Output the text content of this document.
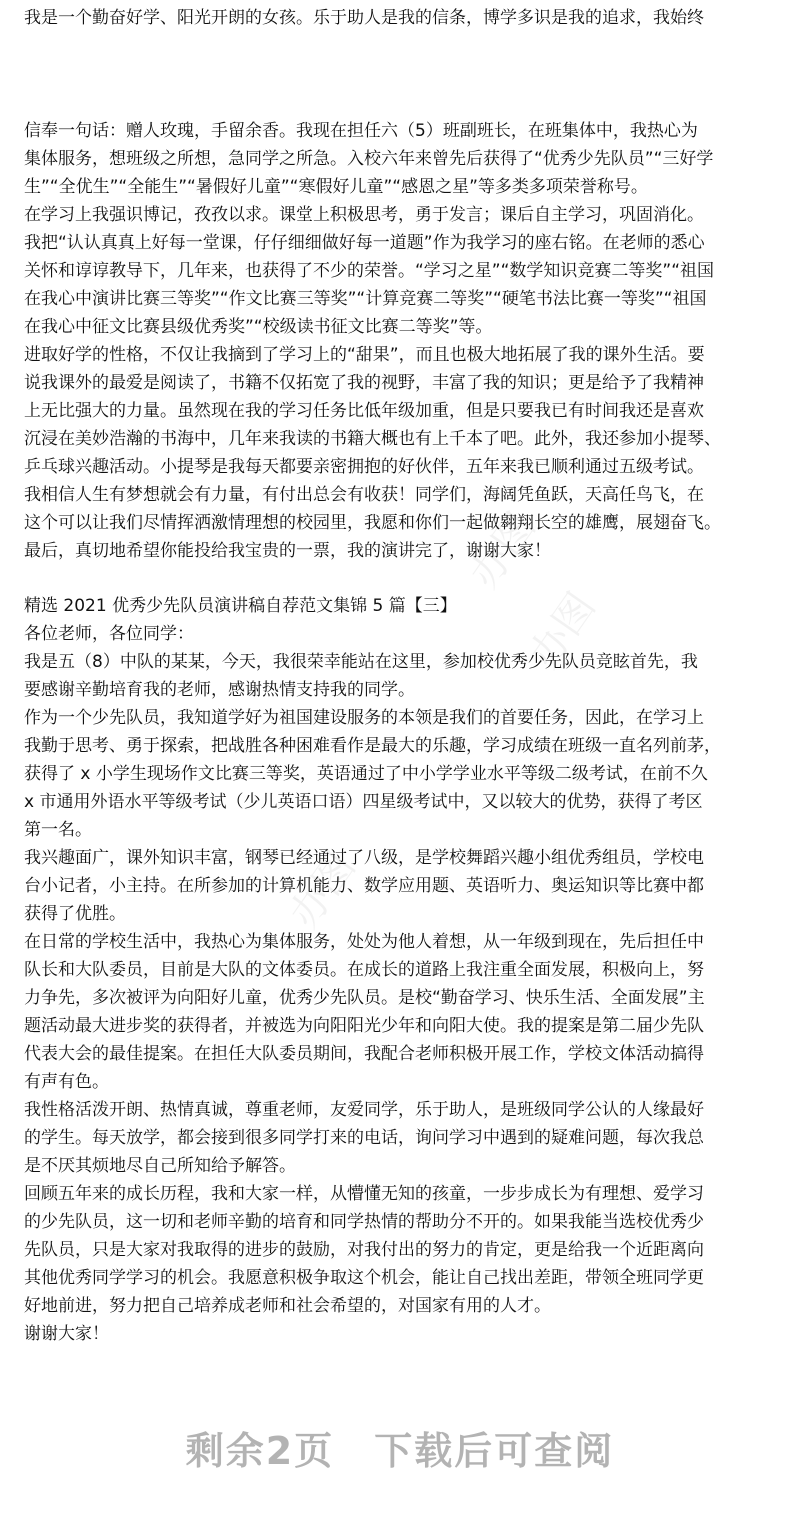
我是一个勤奋好学、阳光开朗的女孩。乐于助人是我的信条，博学多识是我的追求，我始终
信奉一句话：赠人玫瑰，手留余香。我现在担任六（5）班副班长，在班集体中，我热心为
集体服务，想班级之所想，急同学之所急。入校六年来曾先后获得了“优秀少先队员”“三好学
生”“全优生”“全能生”“暑假好儿童”“寒假好儿童”“感恩之星”等多类多项荣誉称号。
在学习上我强识博记，孜孜以求。课堂上积极思考，勇于发言；课后自主学习，巩固消化。
我把“认认真真上好每一堂课，仔仔细细做好每一道题”作为我学习的座右铭。在老师的悉心
关怀和谆谆教导下，几年来，也获得了不少的荣誉。“学习之星”“数学知识竞赛二等奖”“祖国
在我心中演讲比赛三等奖”“作文比赛三等奖”“计算竞赛二等奖”“硬笔书法比赛一等奖”“祖国
在我心中征文比赛县级优秀奖”“校级读书征文比赛二等奖”等。
进取好学的性格，不仅让我摘到了学习上的“甜果”，而且也极大地拓展了我的课外生活。要
说我课外的最爱是阅读了，书籍不仅拓宽了我的视野，丰富了我的知识；更是给予了我精神
上无比强大的力量。虽然现在我的学习任务比低年级加重，但是只要我已有时间我还是喜欢
沉浸在美妙浩瀚的书海中，几年来我读的书籍大概也有上千本了吧。此外，我还参加小提琴、
乒乓球兴趣活动。小提琴是我每天都要亲密拥抱的好伙伴，五年来我已顺利通过五级考试。
我相信人生有梦想就会有力量，有付出总会有收获！同学们，海阔凭鱼跃，天高任鸟飞，在
这个可以让我们尽情挥洒激情理想的校园里，我愿和你们一起做翱翔长空的雄鹰，展翅奋飞。
最后，真切地希望你能投给我宝贵的一票，我的演讲完了，谢谢大家！
精选 2021 优秀少先队员演讲稿自荐范文集锦 5 篇【三】
各位老师，各位同学：
我是五（8）中队的某某，今天，我很荣幸能站在这里，参加校优秀少先队员竞眩首先，我
要感谢辛勤培育我的老师，感谢热情支持我的同学。
作为一个少先队员，我知道学好为祖国建设服务的本领是我们的首要任务，因此，在学习上
我勤于思考、勇于探索，把战胜各种困难看作是最大的乐趣，学习成绩在班级一直名列前茅，
获得了 x 小学生现场作文比赛三等奖，英语通过了中小学学业水平等级二级考试，在前不久
x 市通用外语水平等级考试（少儿英语口语）四星级考试中，又以较大的优势，获得了考区
第一名。
我兴趣面广，课外知识丰富，钢琴已经通过了八级，是学校舞蹈兴趣小组优秀组员，学校电
台小记者，小主持。在所参加的计算机能力、数学应用题、英语听力、奥运知识等比赛中都
获得了优胜。
在日常的学校生活中，我热心为集体服务，处处为他人着想，从一年级到现在，先后担任中
队长和大队委员，目前是大队的文体委员。在成长的道路上我注重全面发展，积极向上，努
力争先，多次被评为向阳好儿童，优秀少先队员。是校“勤奋学习、快乐生活、全面发展”主
题活动最大进步奖的获得者，并被选为向阳阳光少年和向阳大使。我的提案是第二届少先队
代表大会的最佳提案。在担任大队委员期间，我配合老师积极开展工作，学校文体活动搞得
有声有色。
我性格活泼开朗、热情真诚，尊重老师，友爱同学，乐于助人，是班级同学公认的人缘最好
的学生。每天放学，都会接到很多同学打来的电话，询问学习中遇到的疑难问题，每次我总
是不厌其烦地尽自己所知给予解答。
回顾五年来的成长历程，我和大家一样，从懵懂无知的孩童，一步步成长为有理想、爱学习
的少先队员，这一切和老师辛勤的培育和同学热情的帮助分不开的。如果我能当选校优秀少
先队员，只是大家对我取得的进步的鼓励，对我付出的努力的肯定，更是给我一个近距离向
其他优秀同学学习的机会。我愿意积极争取这个机会，能让自己找出差距，带领全班同学更
好地前进，努力把自己培养成老师和社会希望的，对国家有用的人才。
谢谢大家！
办图
办图
办图
剩余2页 下载后可查阅
